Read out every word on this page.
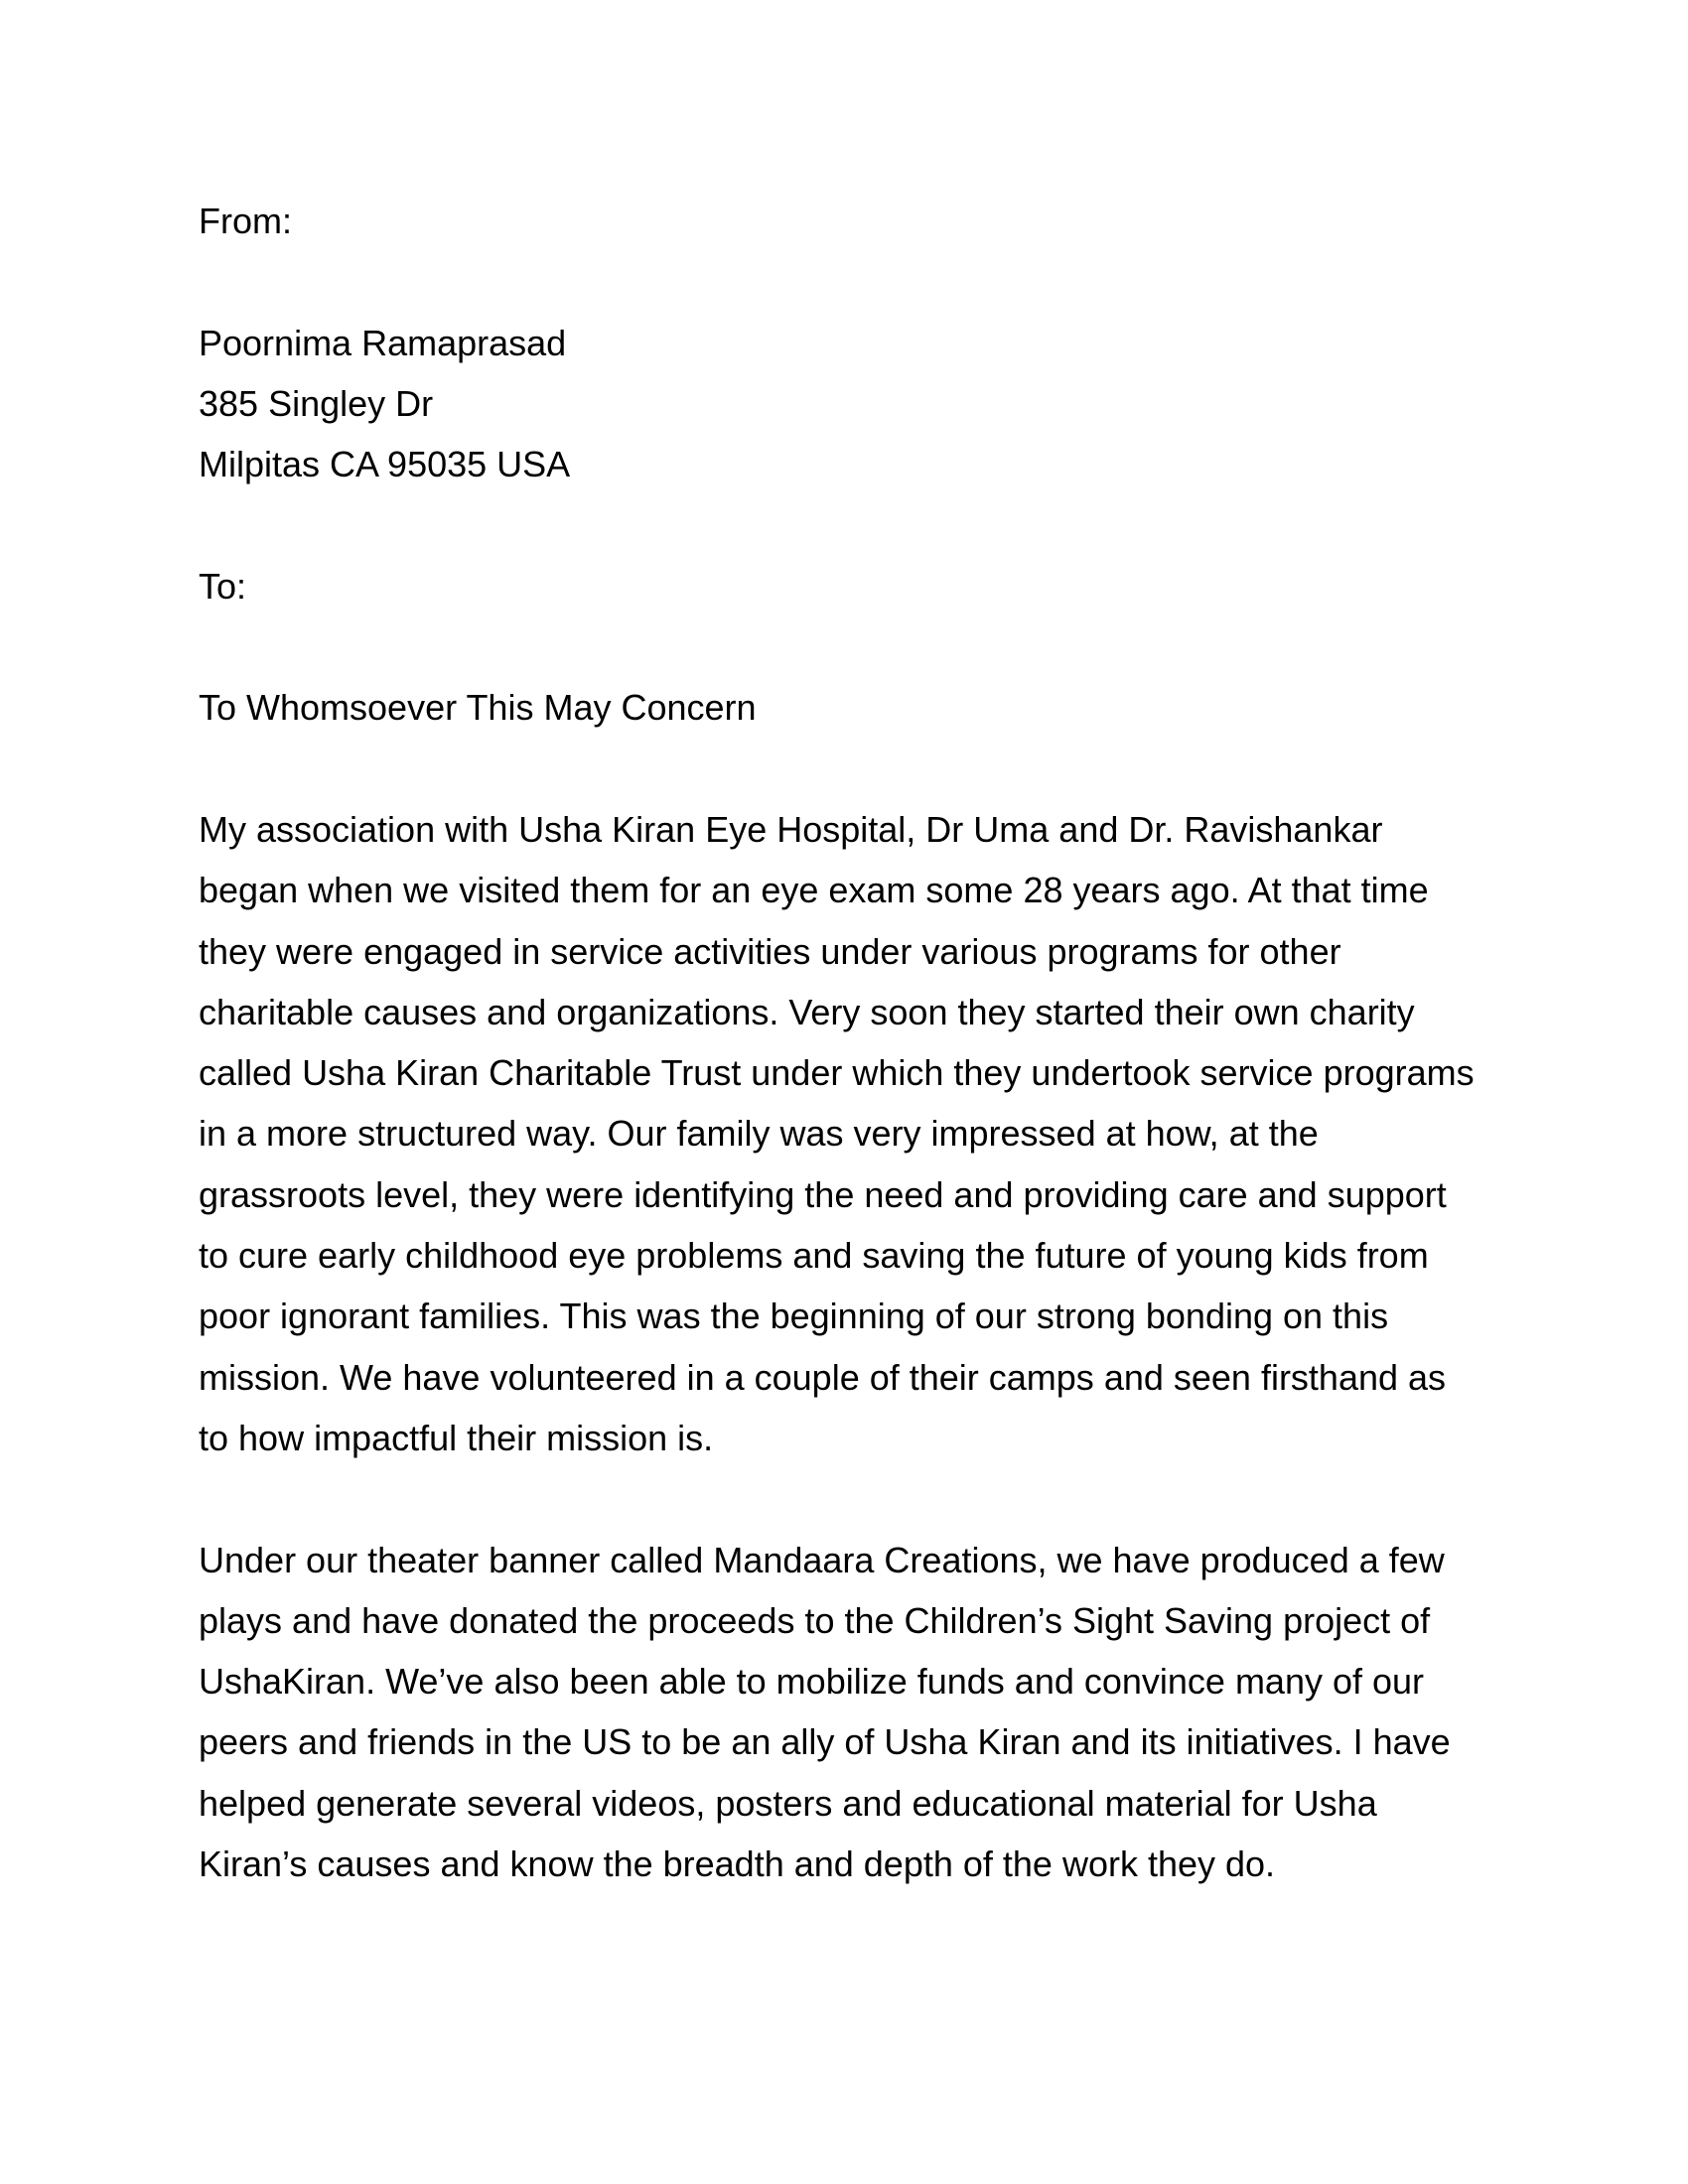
From:
Poornima Ramaprasad
385 Singley Dr
Milpitas CA 95035 USA
To:
To Whomsoever This May Concern
My association with Usha Kiran Eye Hospital, Dr Uma and Dr. Ravishankar
began when we visited them for an eye exam some 28 years ago. At that time
they were engaged in service activities under various programs for other
charitable causes and organizations. Very soon they started their own charity
called Usha Kiran Charitable Trust under which they undertook service programs
in a more structured way. Our family was very impressed at how, at the
grassroots level, they were identifying the need and providing care and support
to cure early childhood eye problems and saving the future of young kids from
poor ignorant families. This was the beginning of our strong bonding on this
mission. We have volunteered in a couple of their camps and seen firsthand as
to how impactful their mission is.
Under our theater banner called Mandaara Creations, we have produced a few
plays and have donated the proceeds to the Children’s Sight Saving project of
UshaKiran. We’ve also been able to mobilize funds and convince many of our
peers and friends in the US to be an ally of Usha Kiran and its initiatives. I have
helped generate several videos, posters and educational material for Usha
Kiran’s causes and know the breadth and depth of the work they do.
